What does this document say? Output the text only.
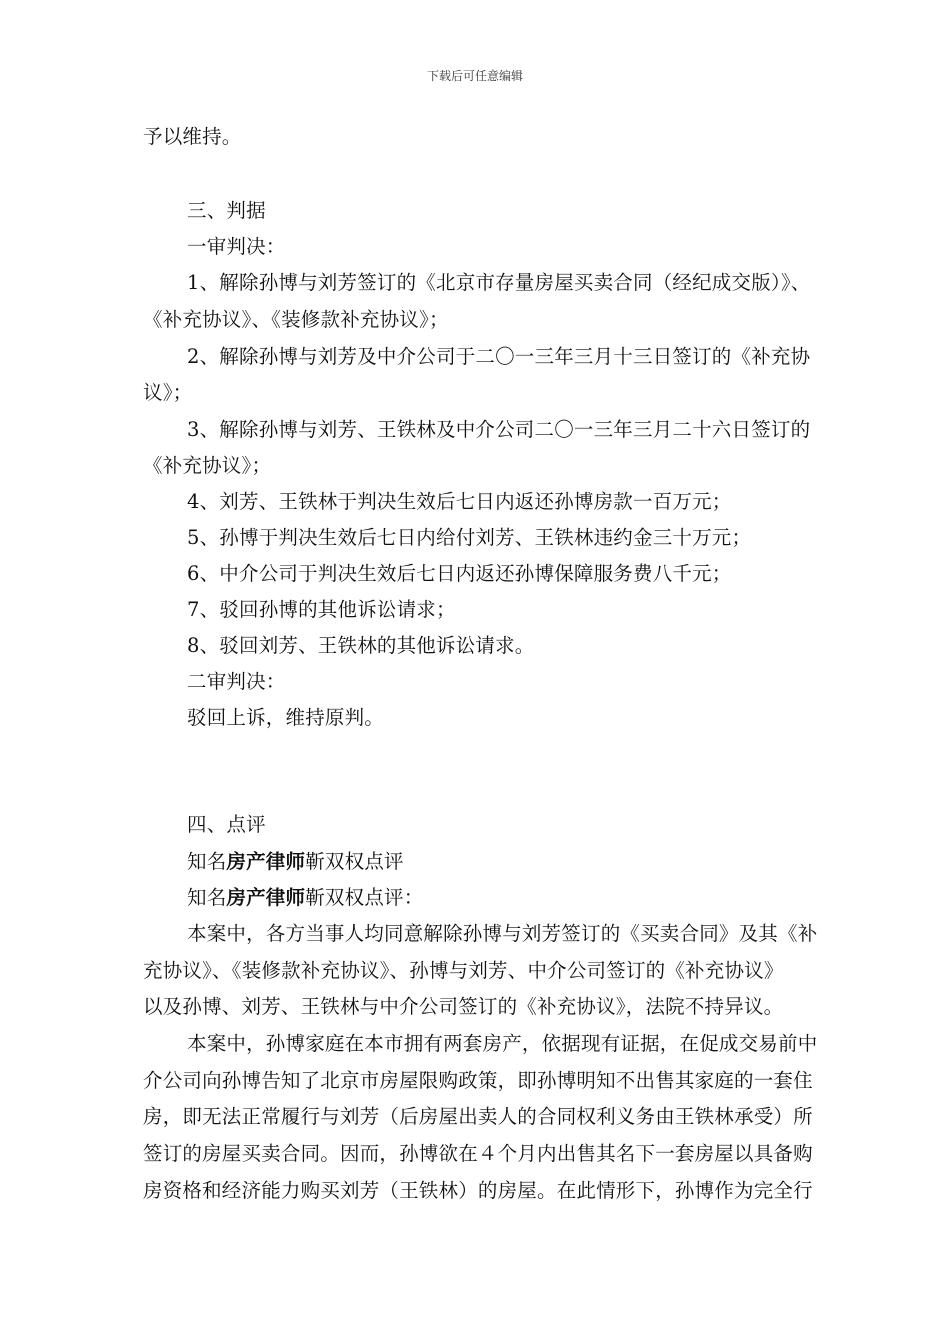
下载后可任意编辑
予以维持。
三、判据
一审判决：
1、解除孙博与刘芳签订的《北京市存量房屋买卖合同（经纪成交版）》、
《补充协议》、《装修款补充协议》；
2、解除孙博与刘芳及中介公司于二〇一三年三月十三日签订的《补充协
议》；
3、解除孙博与刘芳、王铁林及中介公司二〇一三年三月二十六日签订的
《补充协议》；
4、刘芳、王铁林于判决生效后七日内返还孙博房款一百万元；
5、孙博于判决生效后七日内给付刘芳、王铁林违约金三十万元；
6、中介公司于判决生效后七日内返还孙博保障服务费八千元；
7、驳回孙博的其他诉讼请求；
8、驳回刘芳、王铁林的其他诉讼请求。
二审判决：
驳回上诉，维持原判。
四、点评
知名房产律师靳双权点评
知名房产律师靳双权点评：
本案中，各方当事人均同意解除孙博与刘芳签订的《买卖合同》及其《补
充协议》、《装修款补充协议》、孙博与刘芳、中介公司签订的《补充协议》
以及孙博、刘芳、王铁林与中介公司签订的《补充协议》，法院不持异议。
本案中，孙博家庭在本市拥有两套房产，依据现有证据，在促成交易前中
介公司向孙博告知了北京市房屋限购政策，即孙博明知不出售其家庭的一套住
房，即无法正常履行与刘芳（后房屋出卖人的合同权利义务由王铁林承受）所
签订的房屋买卖合同。因而，孙博欲在４个月内出售其名下一套房屋以具备购
房资格和经济能力购买刘芳（王铁林）的房屋。在此情形下，孙博作为完全行
